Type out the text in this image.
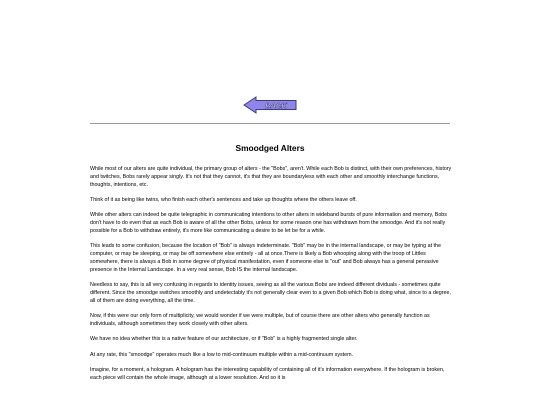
BACK
Smoodged Alters

While most of our alters are quite individual, the primary group of alters - the "Bobs", aren't. While each Bob is distinct, with their own preferences, history and twitches, Bobs rarely appear singly. It's not that they cannot, it's that they are boundaryless with each other and smoothly interchange functions, thoughts, intentions, etc.

Think of it as being like twins, who finish each other's sentences and take up thoughts where the others leave off.

While other alters can indeed be quite telegraphic in communicating intentions to other alters in wideband bursts of pure information and memory, Bobs don't have to do even that as each Bob is aware of all the other Bobs, unless for some reason one has withdrawn from the smoodge. And it's not really possible for a Bob to withdraw entirely, it's more like communicating a desire to be let be for a while.

This leads to some confusion, because the location of "Bob" is always indeterminate. "Bob" may be in the internal landscape, or may be typing at the computer, or may be sleeping, or may be off somewhere else entirely - all at once.There is likely a Bob whooping along with the troop of Littles somewhere, there is always a Bob in some degree of physical manifestation, even if someone else is "out" and Bob always has a general pervasive presence in the Internal Landscape. In a very real sense, Bob IS the internal landscape.

Needless to say, this is all very confusing in regards to identity issues, seeing as all the various Bobs are indeed different dividuals - sometimes quite different. Since the smoodge switches smoothly and undetectably it's not generally clear even to a given Bob which Bob is doing what, since to a degree, all of them are doing everything, all the time.

Now, if this were our only form of multiplicity, we would wonder if we were multiple, but of course there are other alters who generally function as individuals, although sometimes they work closely with other alters.

We have no idea whether this is a native feature of our architecture, or if "Bob" is a highly fragmented single alter.

At any rate, this "smoodge" operates much like a low to mid-continuum multiple within a mid-continuum system.

Imagine, for a moment, a hologram. A hologram has the interesting capability of containing all of it's information everywhere. If the hologram is broken, each piece will contain the whole image, although at a lower resolution. And so it is
